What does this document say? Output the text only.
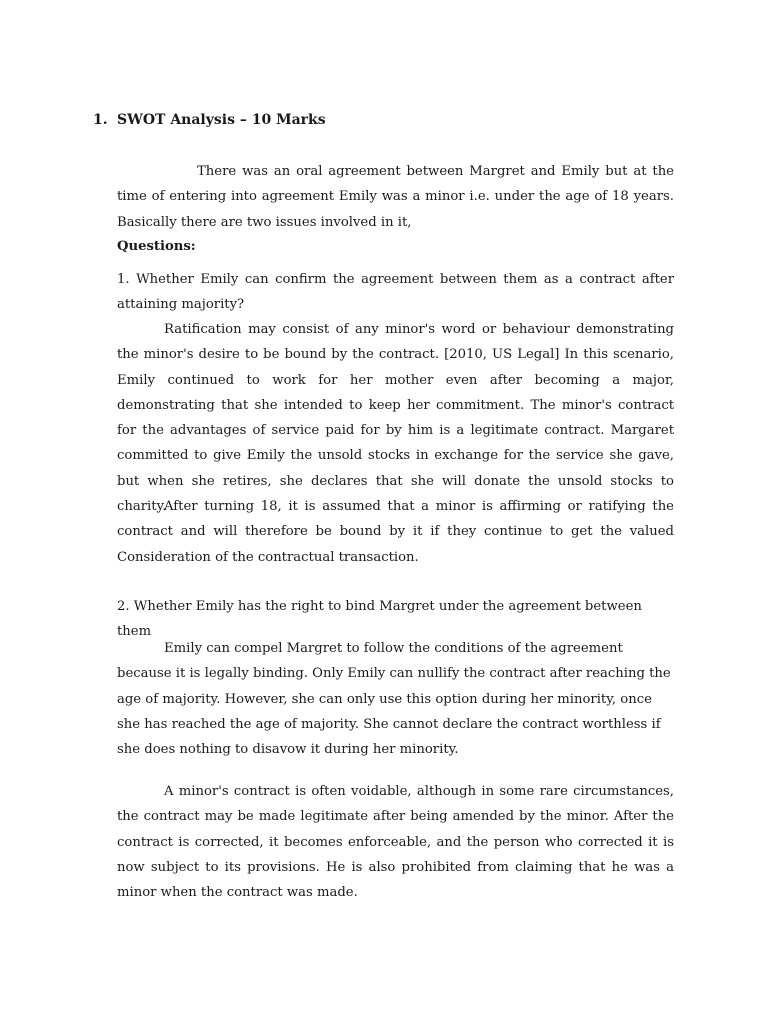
1. SWOT Analysis – 10 Marks

There was an oral agreement between Margret and Emily but at the time of entering into agreement Emily was a minor i.e. under the age of 18 years. Basically there are two issues involved in it,

Questions:

1. Whether Emily can confirm the agreement between them as a contract after attaining majority?

Ratification may consist of any minor's word or behaviour demonstrating the minor's desire to be bound by the contract. [2010, US Legal] In this scenario, Emily continued to work for her mother even after becoming a major, demonstrating that she intended to keep her commitment. The minor's contract for the advantages of service paid for by him is a legitimate contract. Margaret committed to give Emily the unsold stocks in exchange for the service she gave, but when she retires, she declares that she will donate the unsold stocks to charity.

After turning 18, it is assumed that a minor is affirming or ratifying the contract and will therefore be bound by it if they continue to get the valued Consideration of the contractual transaction.

2. Whether Emily has the right to bind Margret under the agreement between them

Emily can compel Margret to follow the conditions of the agreement because it is legally binding. Only Emily can nullify the contract after reaching the age of majority. However, she can only use this option during her minority, once she has reached the age of majority. She cannot declare the contract worthless if she does nothing to disavow it during her minority.

A minor's contract is often voidable, although in some rare circumstances, the contract may be made legitimate after being amended by the minor. After the contract is corrected, it becomes enforceable, and the person who corrected it is now subject to its provisions. He is also prohibited from claiming that he was a minor when the contract was made.
